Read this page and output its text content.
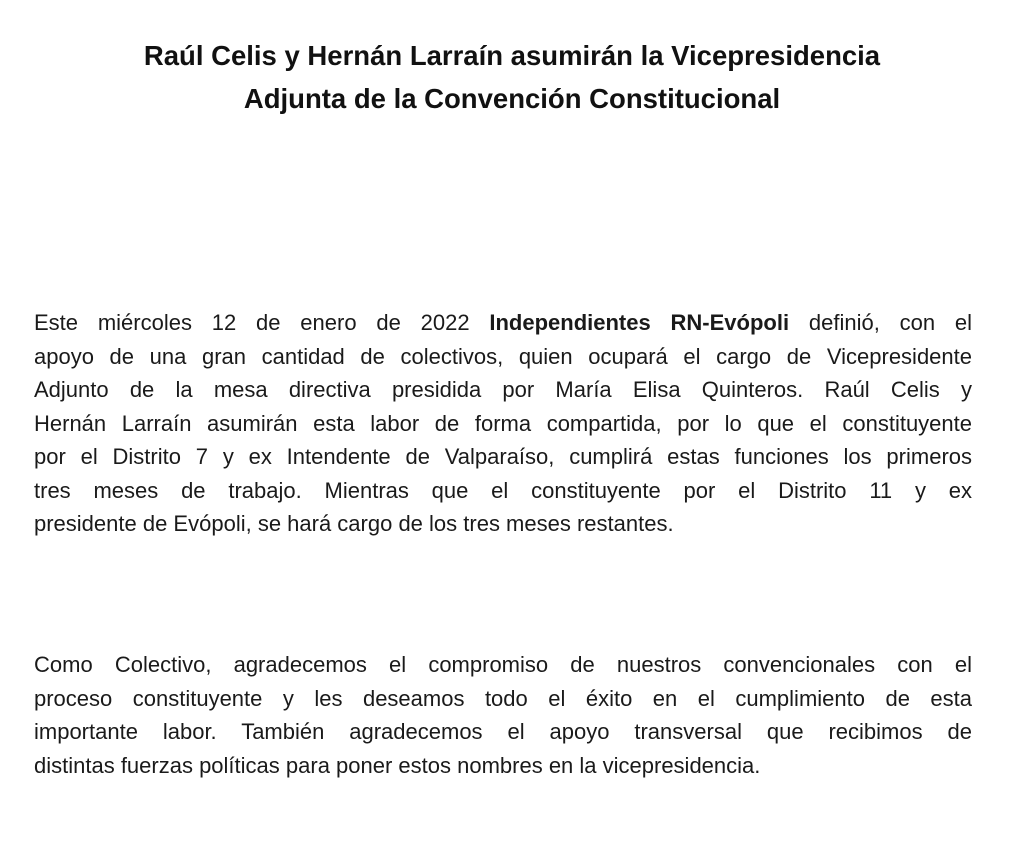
Raúl Celis y Hernán Larraín asumirán la Vicepresidencia
Adjunta de la Convención Constitucional
Este miércoles 12 de enero de 2022 Independientes RN-Evópoli definió, con el
apoyo de una gran cantidad de colectivos, quien ocupará el cargo de Vicepresidente
Adjunto de la mesa directiva presidida por María Elisa Quinteros. Raúl Celis y
Hernán Larraín asumirán esta labor de forma compartida, por lo que el constituyente
por el Distrito 7 y ex Intendente de Valparaíso, cumplirá estas funciones los primeros
tres meses de trabajo. Mientras que el constituyente por el Distrito 11 y ex
presidente de Evópoli, se hará cargo de los tres meses restantes.
Como Colectivo, agradecemos el compromiso de nuestros convencionales con el
proceso constituyente y les deseamos todo el éxito en el cumplimiento de esta
importante labor. También agradecemos el apoyo transversal que recibimos de
distintas fuerzas políticas para poner estos nombres en la vicepresidencia.
